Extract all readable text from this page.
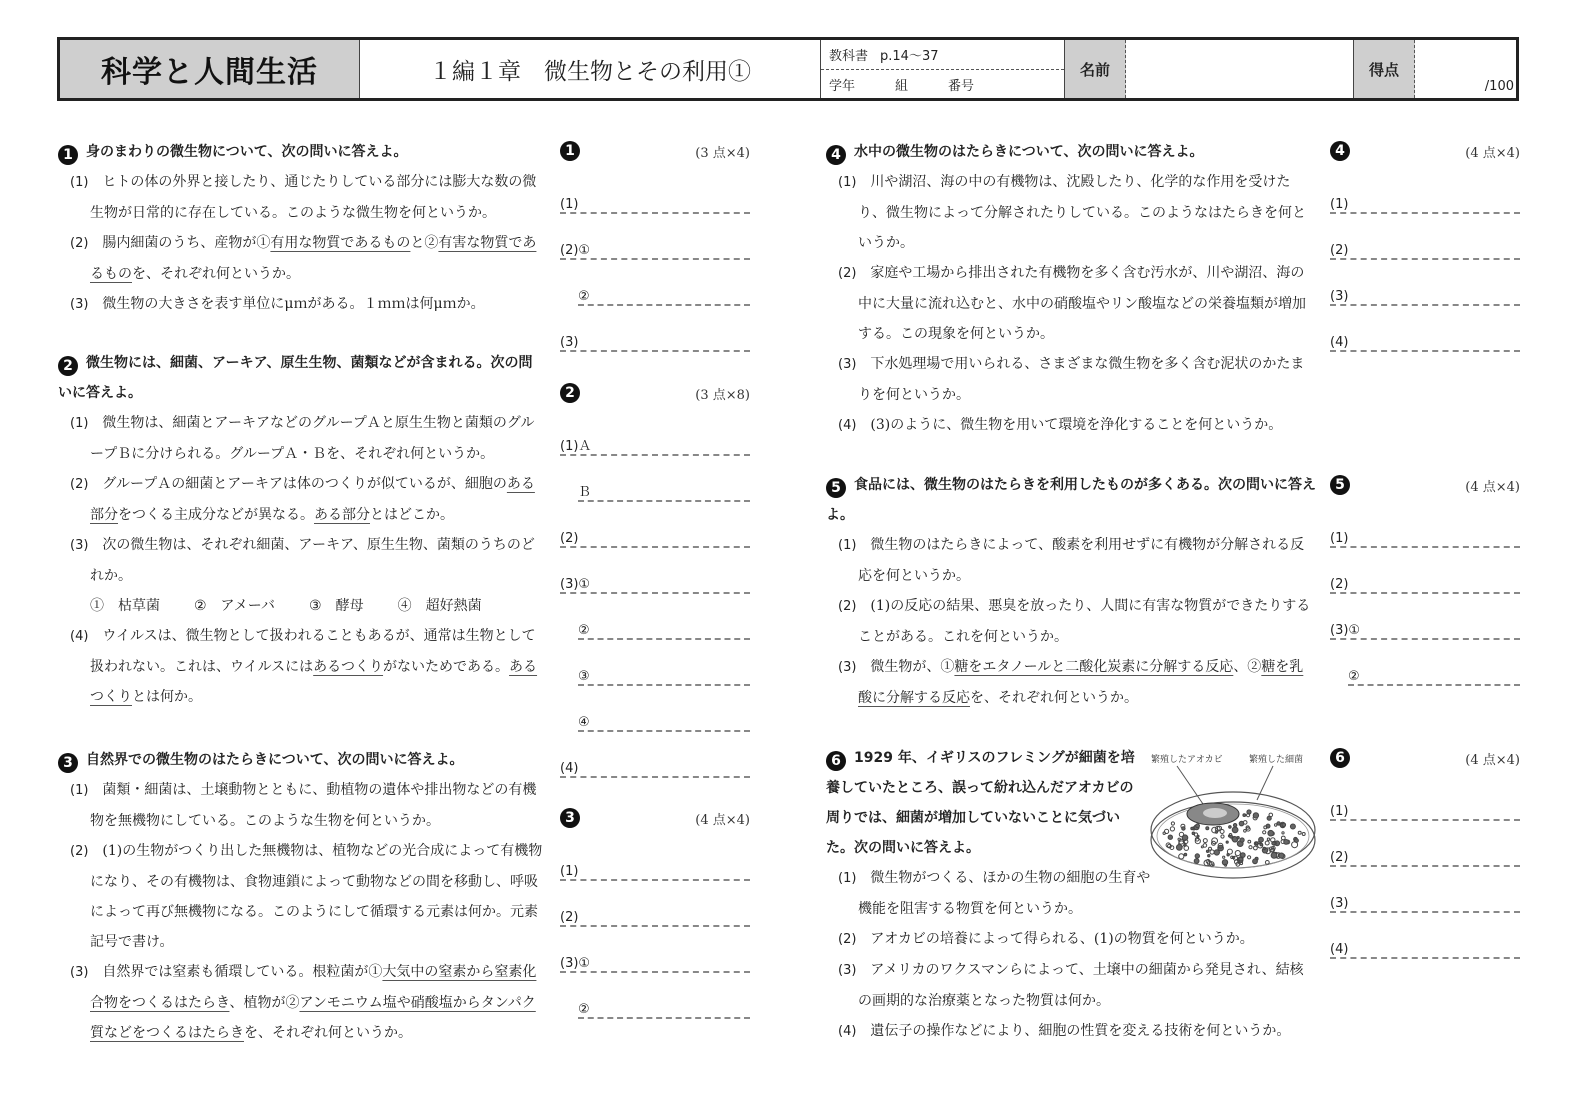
科学と人間生活	１編１章　微生物とその利用①
教科書 p.14〜37
学年	組	番号
名前	得点
/100
1 身のまわりの微生物について、次の問いに答えよ。
(1) ヒトの体の外界と接したり、通じたりしている部分には膨大な数の微生物が日常的に存在している。このような微生物を何というか。
(2) 腸内細菌のうち、産物が①有用な物質であるものと②有害な物質であるものを、それぞれ何というか。
(3) 微生物の大きさを表す単位にμｍがある。１ｍｍは何μｍか。
2 微生物には、細菌、アーキア、原生生物、菌類などが含まれる。次の問いに答えよ。
(1) 微生物は、細菌とアーキアなどのグループＡと原生生物と菌類のグループＢに分けられる。グループＡ・Ｂを、それぞれ何というか。
(2) グループＡの細菌とアーキアは体のつくりが似ているが、細胞のある部分をつくる主成分などが異なる。ある部分とはどこか。
(3) 次の微生物は、それぞれ細菌、アーキア、原生生物、菌類のうちのどれか。
①　枯草菌 ②　アメーバ ③　酵母 ④　超好熱菌
(4) ウイルスは、微生物として扱われることもあるが、通常は生物として扱われない。これは、ウイルスにはあるつくりがないためである。あるつくりとは何か。
3 自然界での微生物のはたらきについて、次の問いに答えよ。
(1) 菌類・細菌は、土壌動物とともに、動植物の遺体や排出物などの有機物を無機物にしている。このような生物を何というか。
(2) (1)の生物がつくり出した無機物は、植物などの光合成によって有機物になり、その有機物は、食物連鎖によって動物などの間を移動し、呼吸によって再び無機物になる。このようにして循環する元素は何か。元素記号で書け。
(3) 自然界では窒素も循環している。根粒菌が①大気中の窒素から窒素化合物をつくるはたらき、植物が②アンモニウム塩や硝酸塩からタンパク質などをつくるはたらきを、それぞれ何というか。
4 水中の微生物のはたらきについて、次の問いに答えよ。
(1) 川や湖沼、海の中の有機物は、沈殿したり、化学的な作用を受けたり、微生物によって分解されたりしている。このようなはたらきを何というか。
(2) 家庭や工場から排出された有機物を多く含む汚水が、川や湖沼、海の中に大量に流れ込むと、水中の硝酸塩やリン酸塩などの栄養塩類が増加する。この現象を何というか。
(3) 下水処理場で用いられる、さまざまな微生物を多く含む泥状のかたまりを何というか。
(4) (3)のように、微生物を用いて環境を浄化することを何というか。
5 食品には、微生物のはたらきを利用したものが多くある。次の問いに答えよ。
(1) 微生物のはたらきによって、酸素を利用せずに有機物が分解される反応を何というか。
(2) (1)の反応の結果、悪臭を放ったり、人間に有害な物質ができたりすることがある。これを何というか。
(3) 微生物が、①糖をエタノールと二酸化炭素に分解する反応、②糖を乳酸に分解する反応を、それぞれ何というか。
6 1929 年、イギリスのフレミングが細菌を培養していたところ、誤って紛れ込んだアオカビの周りでは、細菌が増加していないことに気づいた。次の問いに答えよ。
(1) 微生物がつくる、ほかの生物の細胞の生育や機能を阻害する物質を何というか。
(2) アオカビの培養によって得られる、(1)の物質を何というか。
(3) アメリカのワクスマンらによって、土壌中の細菌から発見され、結核の画期的な治療薬となった物質は何か。
(4) 遺伝子の操作などにより、細胞の性質を変える技術を何というか。
繁殖したアオカビ	繁殖した細菌
1	(3 点×4)
(1)
(2)①
②
(3)
2	(3 点×8)
(1)Ａ
Ｂ
(2)
(3)①
②
③
④
(4)
3	(4 点×4)
(1)
(2)
(3)①
②
4	(4 点×4)
(1)
(2)
(3)
(4)
5	(4 点×4)
(1)
(2)
(3)①
②
6	(4 点×4)
(1)
(2)
(3)
(4)
